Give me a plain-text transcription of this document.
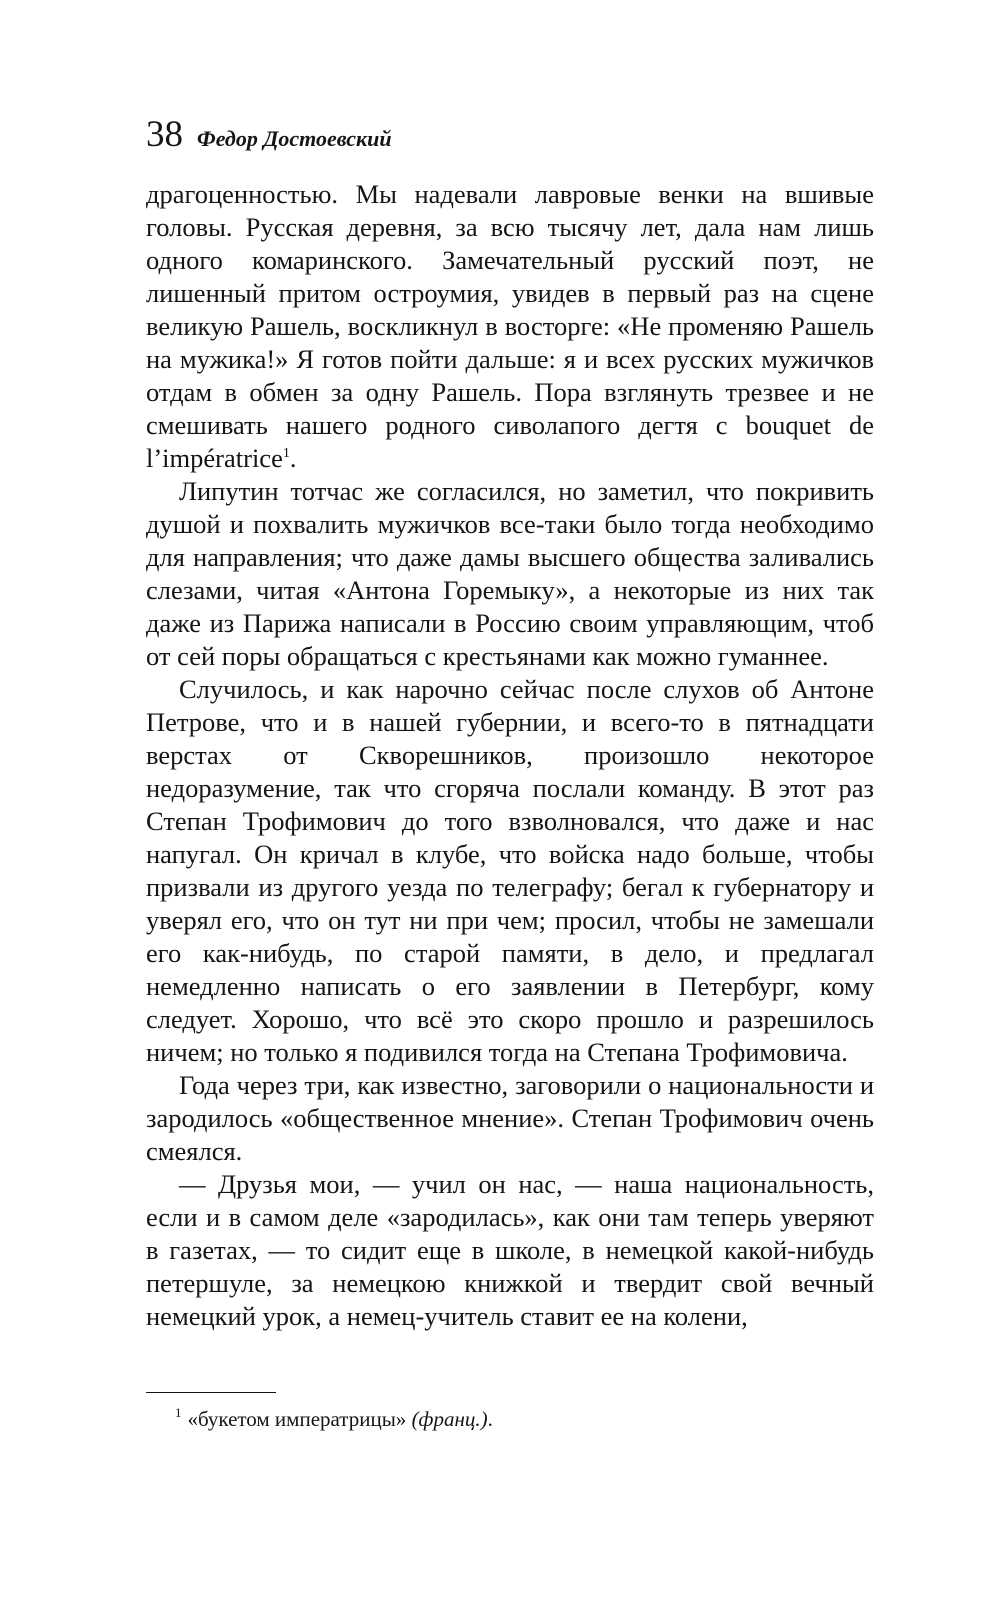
38 Федор Достоевский

драгоценностью. Мы надевали лавровые венки на вшивые головы. Русская деревня, за всю тысячу лет, дала нам лишь одного комаринского. Замечательный русский поэт, не лишенный притом остроумия, увидев в первый раз на сцене великую Рашель, воскликнул в восторге: «Не променяю Рашель на мужика!» Я готов пойти дальше: я и всех русских мужичков отдам в обмен за одну Рашель. Пора взглянуть трезвее и не смешивать нашего родного сиволапого дегтя с bouquet de l’impératrice$^1$.

Липутин тотчас же согласился, но заметил, что покривить душой и похвалить мужичков все-таки было тогда необходимо для направления; что даже дамы высшего общества заливались слезами, читая «Антона Горемыку», а некоторые из них так даже из Парижа написали в Россию своим управляющим, чтоб от сей поры обращаться с крестьянами как можно гуманнее.

Случилось, и как нарочно сейчас после слухов об Антоне Петрове, что и в нашей губернии, и всего-то в пятнадцати верстах от Скворешников, произошло некоторое недоразумение, так что сгоряча послали команду. В этот раз Степан Трофимович до того взволновался, что даже и нас напугал. Он кричал в клубе, что войска надо больше, чтобы призвали из другого уезда по телеграфу; бегал к губернатору и уверял его, что он тут ни при чем; просил, чтобы не замешали его как-нибудь, по старой памяти, в дело, и предлагал немедленно написать о его заявлении в Петербург, кому следует. Хорошо, что всё это скоро прошло и разрешилось ничем; но только я подивился тогда на Степана Трофимовича.

Года через три, как известно, заговорили о национальности и зародилось «общественное мнение». Степан Трофимович очень смеялся.

— Друзья мои, — учил он нас, — наша национальность, если и в самом деле «зародилась», как они там теперь уверяют в газетах, — то сидит еще в школе, в немецкой какой-нибудь петершуле, за немецкою книжкой и твердит свой вечный немецкий урок, а немец-учитель ставит ее на колени,

$^1$ «букетом императрицы» (франц.).
